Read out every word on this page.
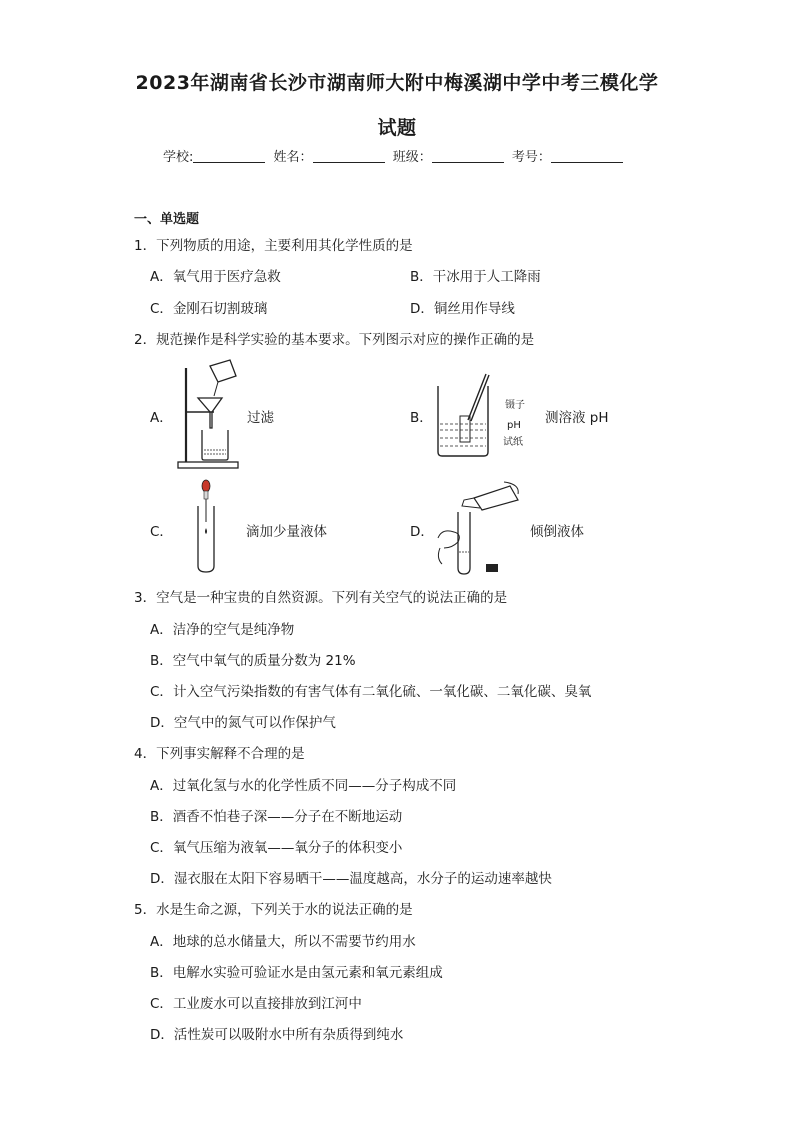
2023年湖南省长沙市湖南师大附中梅溪湖中学中考三模化学
试题
学校:	姓名：	班级：	考号：
一、单选题
1．下列物质的用途，主要利用其化学性质的是
A．氧气用于医疗急救	B．干冰用于人工降雨
C．金刚石切割玻璃	D．铜丝用作导线
2．规范操作是科学实验的基本要求。下列图示对应的操作正确的是
A．	过滤	B．
镊子
pH
试纸
测溶液 pH
C．	滴加少量液体	D．	倾倒液体
3．空气是一种宝贵的自然资源。下列有关空气的说法正确的是
A．洁净的空气是纯净物
B．空气中氧气的质量分数为 21%
C．计入空气污染指数的有害气体有二氧化硫、一氧化碳、二氧化碳、臭氧
D．空气中的氮气可以作保护气
4．下列事实解释不合理的是
A．过氧化氢与水的化学性质不同——分子构成不同
B．酒香不怕巷子深——分子在不断地运动
C．氧气压缩为液氧——氧分子的体积变小
D．湿衣服在太阳下容易晒干——温度越高，水分子的运动速率越快
5．水是生命之源，下列关于水的说法正确的是
A．地球的总水储量大，所以不需要节约用水
B．电解水实验可验证水是由氢元素和氧元素组成
C．工业废水可以直接排放到江河中
D．活性炭可以吸附水中所有杂质得到纯水
